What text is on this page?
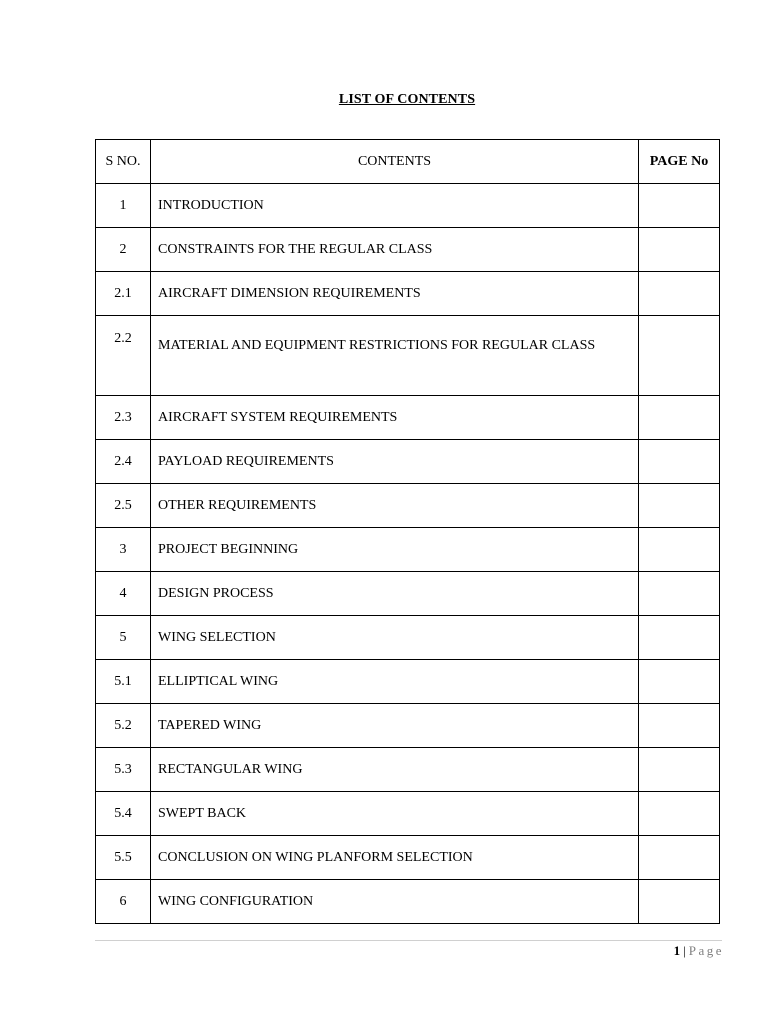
LIST OF CONTENTS
S NO.	CONTENTS	PAGE No
1	INTRODUCTION	
2	CONSTRAINTS FOR THE REGULAR CLASS	
2.1	AIRCRAFT DIMENSION REQUIREMENTS	
2.2	MATERIAL AND EQUIPMENT RESTRICTIONS FOR REGULAR CLASS	
2.3	AIRCRAFT SYSTEM REQUIREMENTS	
2.4	PAYLOAD REQUIREMENTS	
2.5	OTHER REQUIREMENTS	
3	PROJECT BEGINNING	
4	DESIGN PROCESS	
5	WING SELECTION	
5.1	ELLIPTICAL WING	
5.2	TAPERED WING	
5.3	RECTANGULAR WING	
5.4	SWEPT BACK	
5.5	CONCLUSION ON WING PLANFORM SELECTION	
6	WING CONFIGURATION	
1 | Page
